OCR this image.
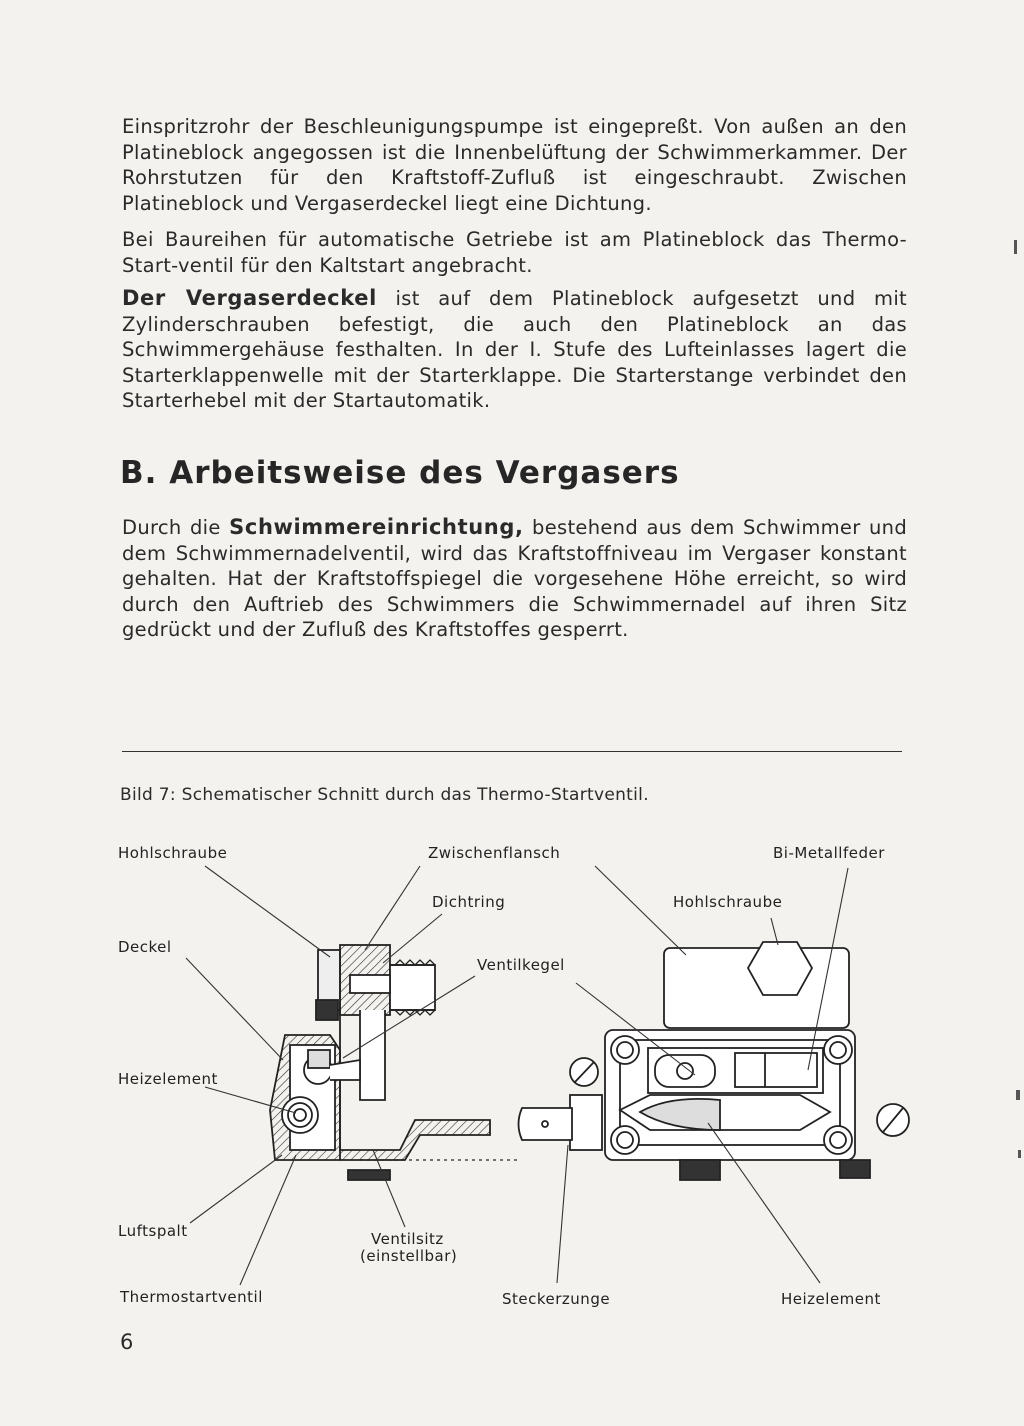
Einspritzrohr der Beschleunigungspumpe ist eingepreßt. Von außen an den Platineblock angegossen ist die Innenbelüftung der Schwimmerkammer. Der Rohrstutzen für den Kraftstoff-Zufluß ist eingeschraubt. Zwischen Platineblock und Vergaserdeckel liegt eine Dichtung.

Bei Baureihen für automatische Getriebe ist am Platineblock das Thermo-Start-ventil für den Kaltstart angebracht.

Der Vergaserdeckel ist auf dem Platineblock aufgesetzt und mit Zylinderschrauben befestigt, die auch den Platineblock an das Schwimmergehäuse festhalten. In der I. Stufe des Lufteinlasses lagert die Starterklappenwelle mit der Starterklappe. Die Starterstange verbindet den Starterhebel mit der Startautomatik.

B. Arbeitsweise des Vergasers

Durch die Schwimmereinrichtung, bestehend aus dem Schwimmer und dem Schwimmernadelventil, wird das Kraftstoffniveau im Vergaser konstant gehalten. Hat der Kraftstoffspiegel die vorgesehene Höhe erreicht, so wird durch den Auftrieb des Schwimmers die Schwimmernadel auf ihren Sitz gedrückt und der Zufluß des Kraftstoffes gesperrt.

Bild 7: Schematischer Schnitt durch das Thermo-Startventil.
Hohlschraube	Zwischenflansch	Bi-Metallfeder
Dichtring	Hohlschraube
Deckel
Ventilkegel
Heizelement
Luftspalt	Ventilsitz
(einstellbar)
Thermostartventil	Steckerzunge	Heizelement
6
